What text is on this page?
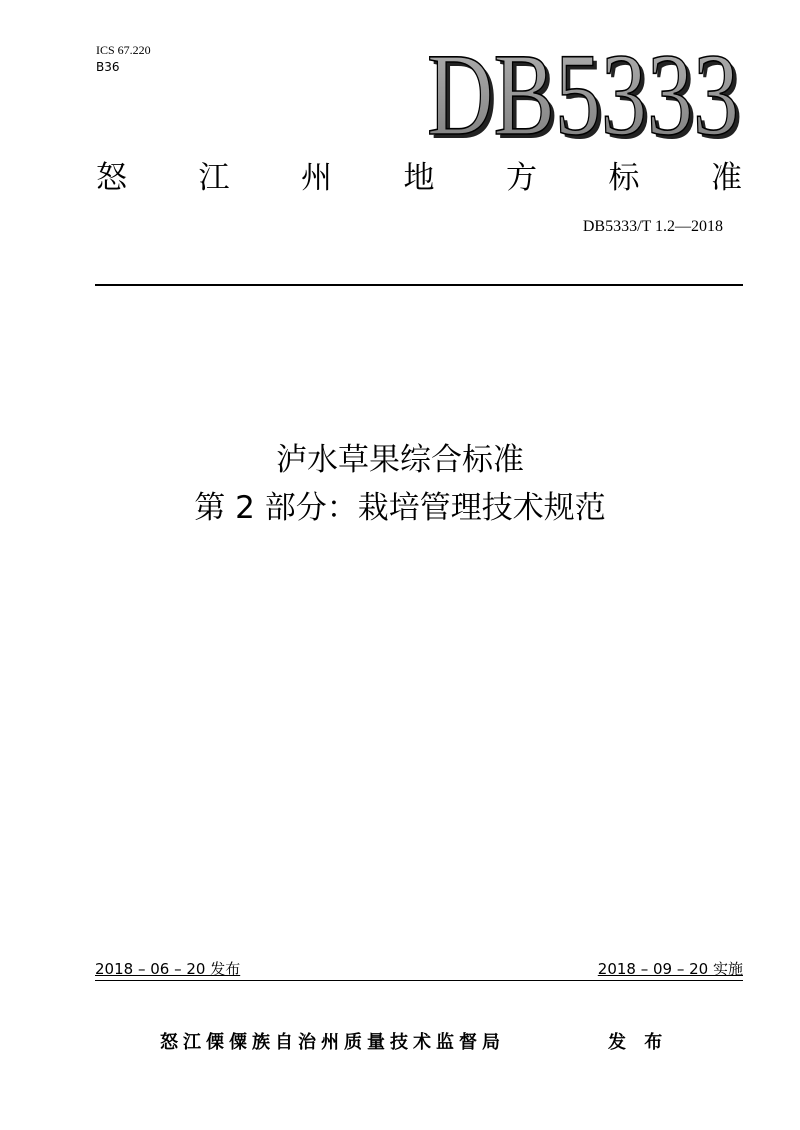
ICS 67.220
B36	DB5333
DB5333
怒 江 州 地 方 标 准
DB5333/T 1.2—2018
泸水草果综合标准
第 2 部分：栽培管理技术规范
2018 – 06 – 20 发布	2018 – 09 – 20 实施
怒江傈僳族自治州质量技术监督局	发 布
